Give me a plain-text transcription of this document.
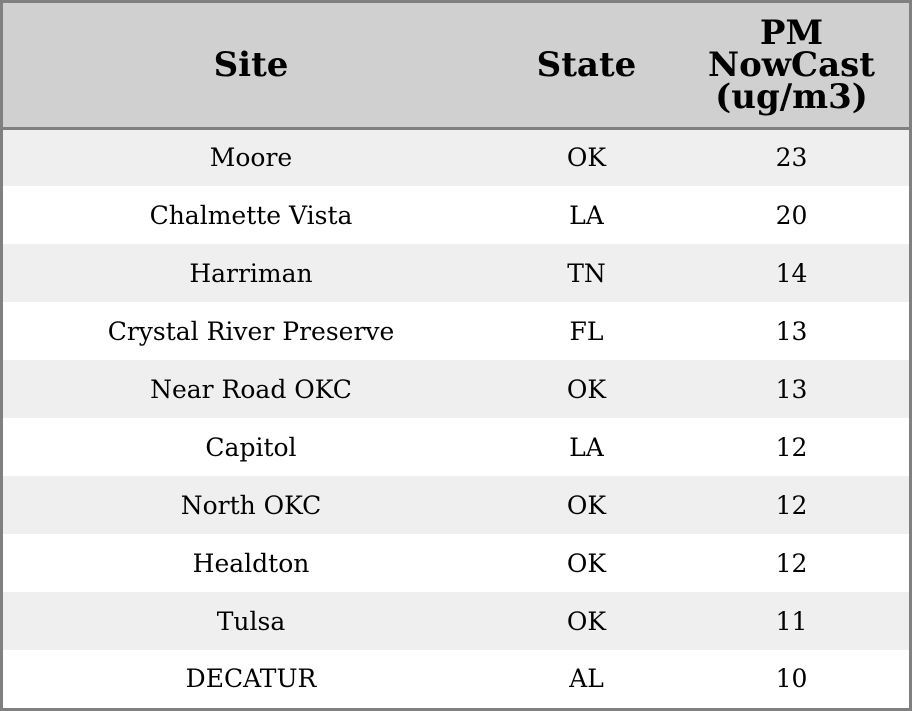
Site	State	PM
NowCast
(ug/m3)

Moore	OK	23
Chalmette Vista	LA	20
Harriman	TN	14
Crystal River Preserve	FL	13
Near Road OKC	OK	13
Capitol	LA	12
North OKC	OK	12
Healdton	OK	12
Tulsa	OK	11
DECATUR	AL	10
